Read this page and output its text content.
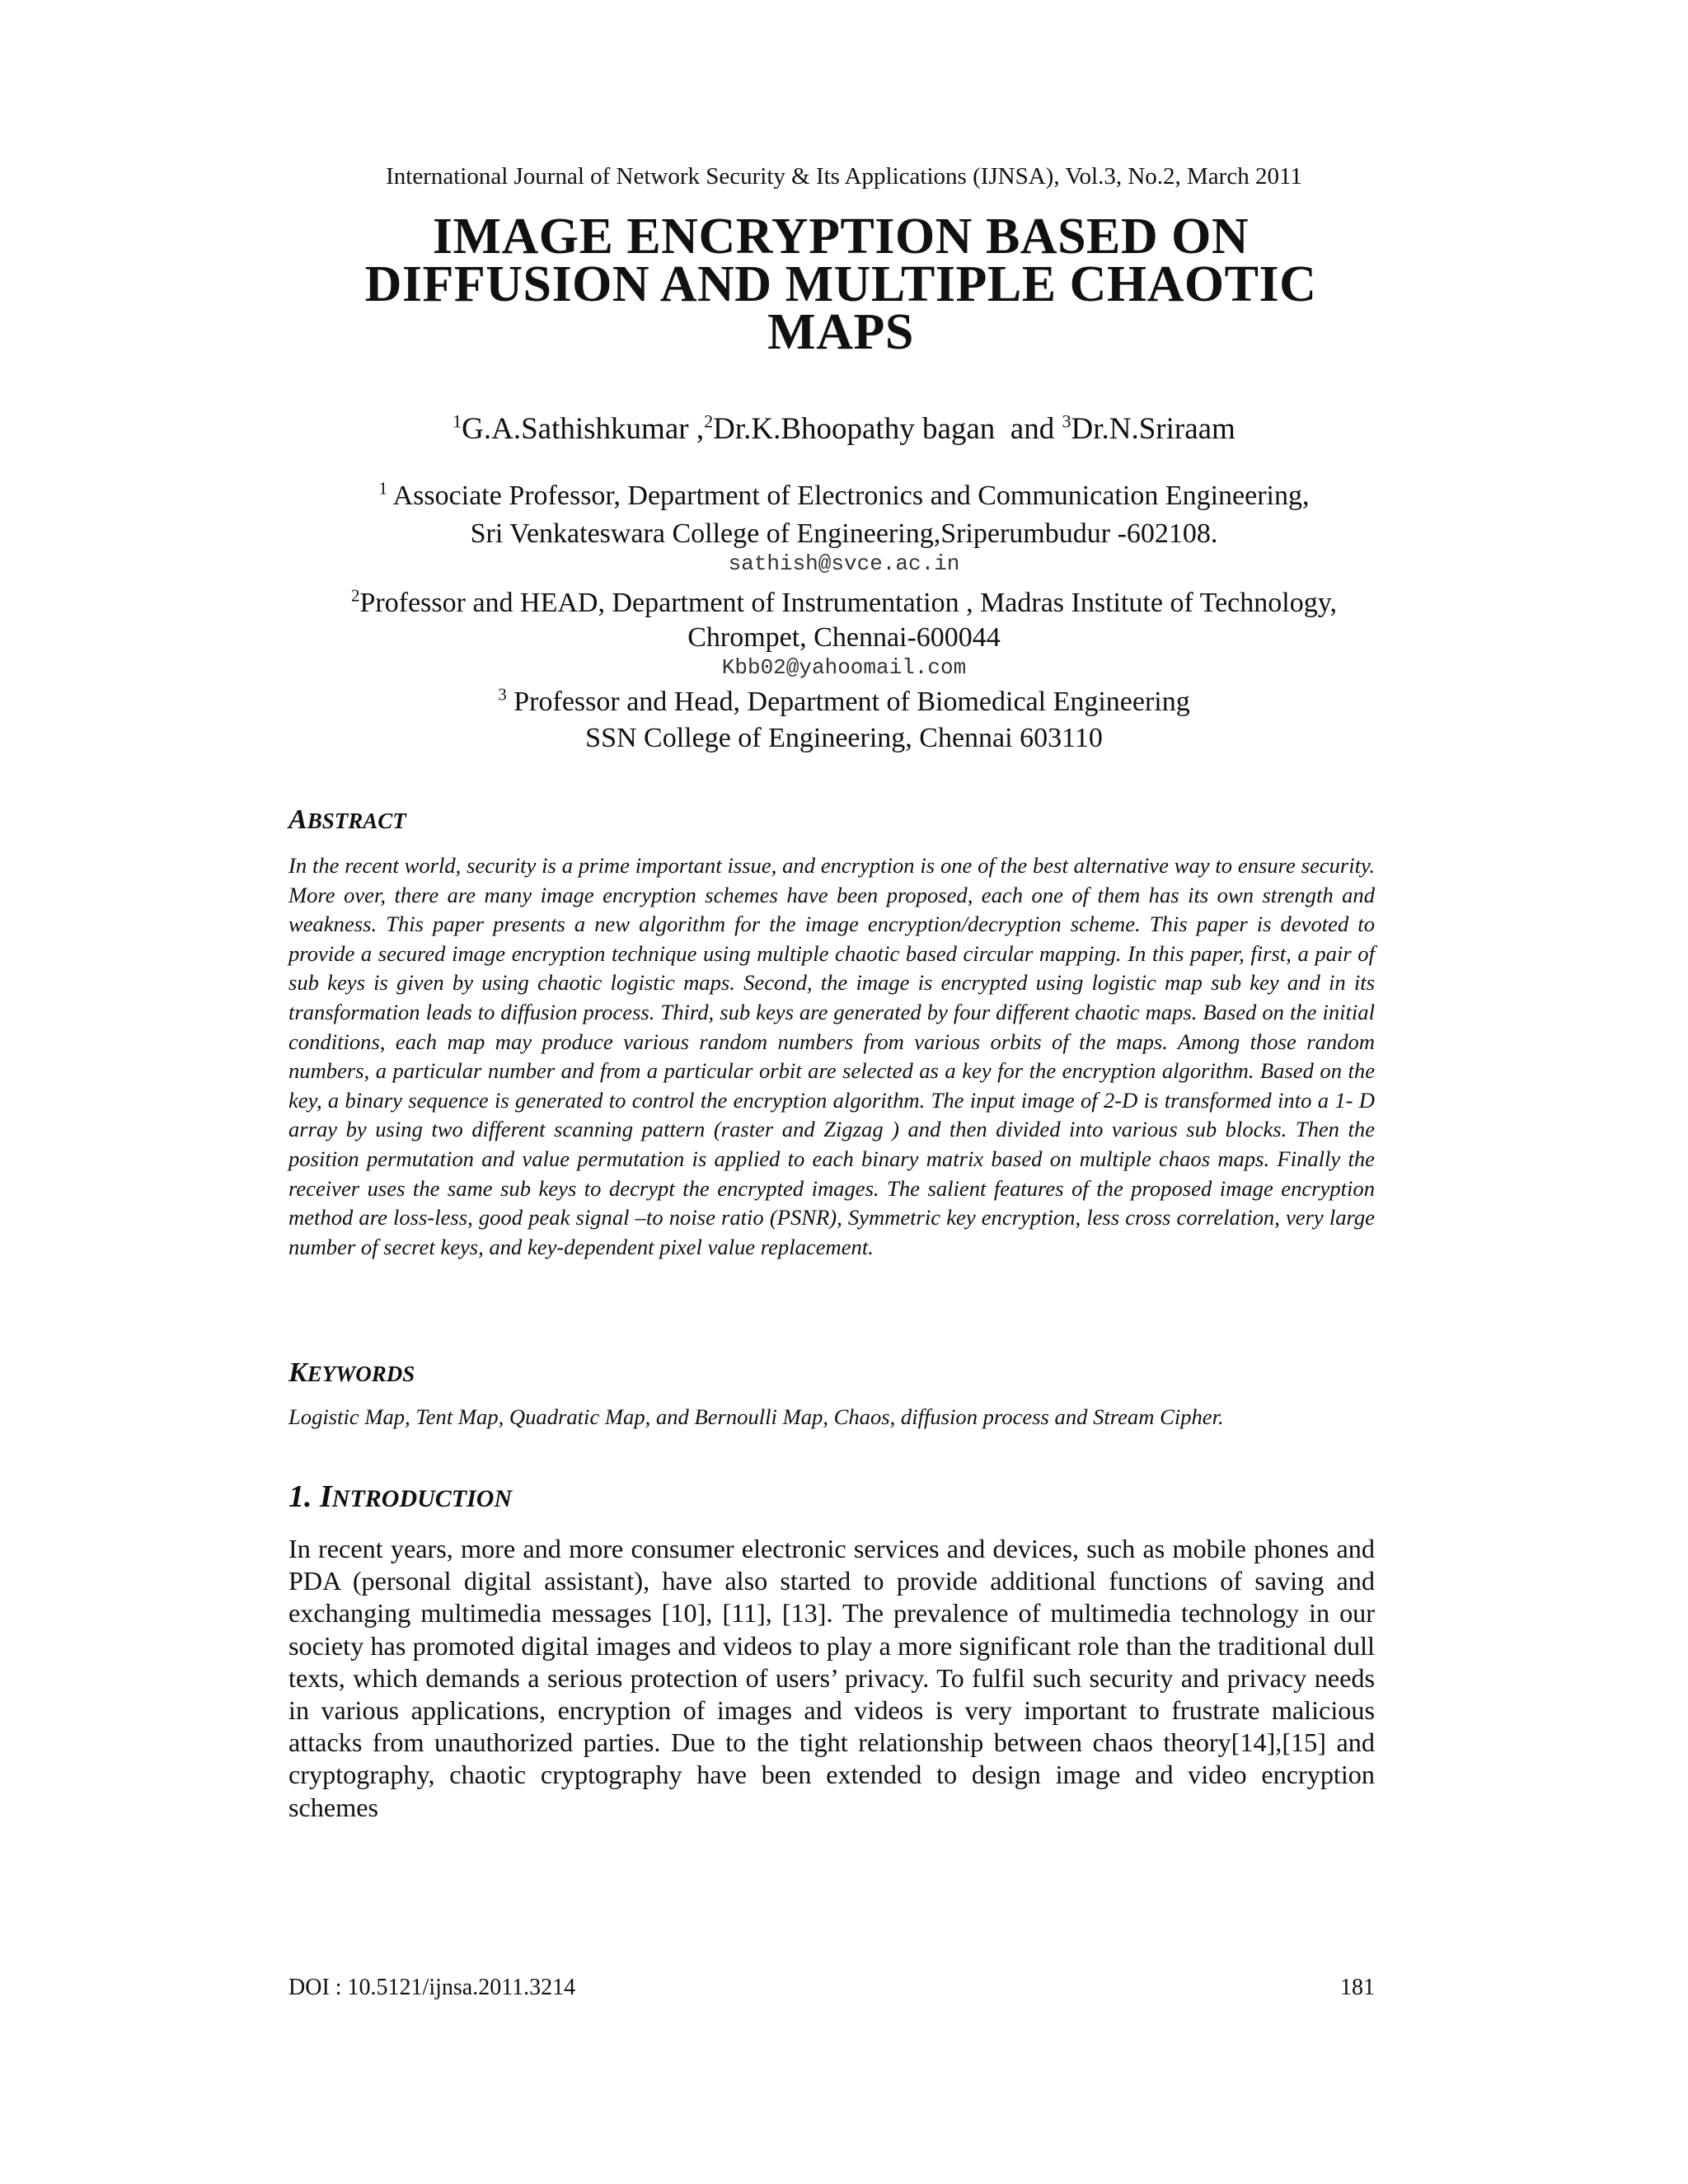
International Journal of Network Security & Its Applications (IJNSA), Vol.3, No.2, March 2011
IMAGE ENCRYPTION BASED ON
DIFFUSION AND MULTIPLE CHAOTIC
MAPS
$^1$G.A.Sathishkumar ,$^2$Dr.K.Bhoopathy bagan  and $^3$Dr.N.Sriraam
$^1$ Associate Professor, Department of Electronics and Communication Engineering,
Sri Venkateswara College of Engineering,Sriperumbudur -602108.
sathish@svce.ac.in
$^2$Professor and HEAD, Department of Instrumentation , Madras Institute of Technology,
Chrompet, Chennai-600044
Kbb02@yahoomail.com
$^3$ Professor and Head, Department of Biomedical Engineering
SSN College of Engineering, Chennai 603110
ABSTRACT
In the recent world, security is a prime important issue, and encryption is one of the best alternative way to ensure security. More over, there are many image encryption schemes have been proposed, each one of them has its own strength and weakness. This paper presents a new algorithm for the image encryption/decryption scheme. This paper is devoted to provide a secured image encryption technique using multiple chaotic based circular mapping. In this paper, first, a pair of sub keys is given by using chaotic logistic maps. Second, the image is encrypted using logistic map sub key and in its transformation leads to diffusion process. Third, sub keys are generated by four different chaotic maps. Based on the initial conditions, each map may produce various random numbers from various orbits of the maps. Among those random numbers, a particular number and from a particular orbit are selected as a key for the encryption algorithm. Based on the key, a binary sequence is generated to control the encryption algorithm. The input image of 2-D is transformed into a 1- D array by using two different scanning pattern (raster and Zigzag ) and then divided into various sub blocks. Then the position permutation and value permutation is applied to each binary matrix based on multiple chaos maps. Finally the receiver uses the same sub keys to decrypt the encrypted images. The salient features of the proposed image encryption method are loss-less, good peak signal –to noise ratio (PSNR), Symmetric key encryption, less cross correlation, very large number of secret keys, and key-dependent pixel value replacement.
KEYWORDS
Logistic Map, Tent Map, Quadratic Map, and Bernoulli Map, Chaos, diffusion process and Stream Cipher.
1. INTRODUCTION
In recent years, more and more consumer electronic services and devices, such as mobile phones and PDA (personal digital assistant), have also started to provide additional functions of saving and exchanging multimedia messages [10], [11], [13]. The prevalence of multimedia technology in our society has promoted digital images and videos to play a more significant role than the traditional dull texts, which demands a serious protection of users’ privacy. To fulfil such security and privacy needs in various applications, encryption of images and videos is very important to frustrate malicious attacks from unauthorized parties. Due to the tight relationship between chaos theory[14],[15] and cryptography, chaotic cryptography have been extended to design image and video encryption schemes
DOI : 10.5121/ijnsa.2011.3214	181
